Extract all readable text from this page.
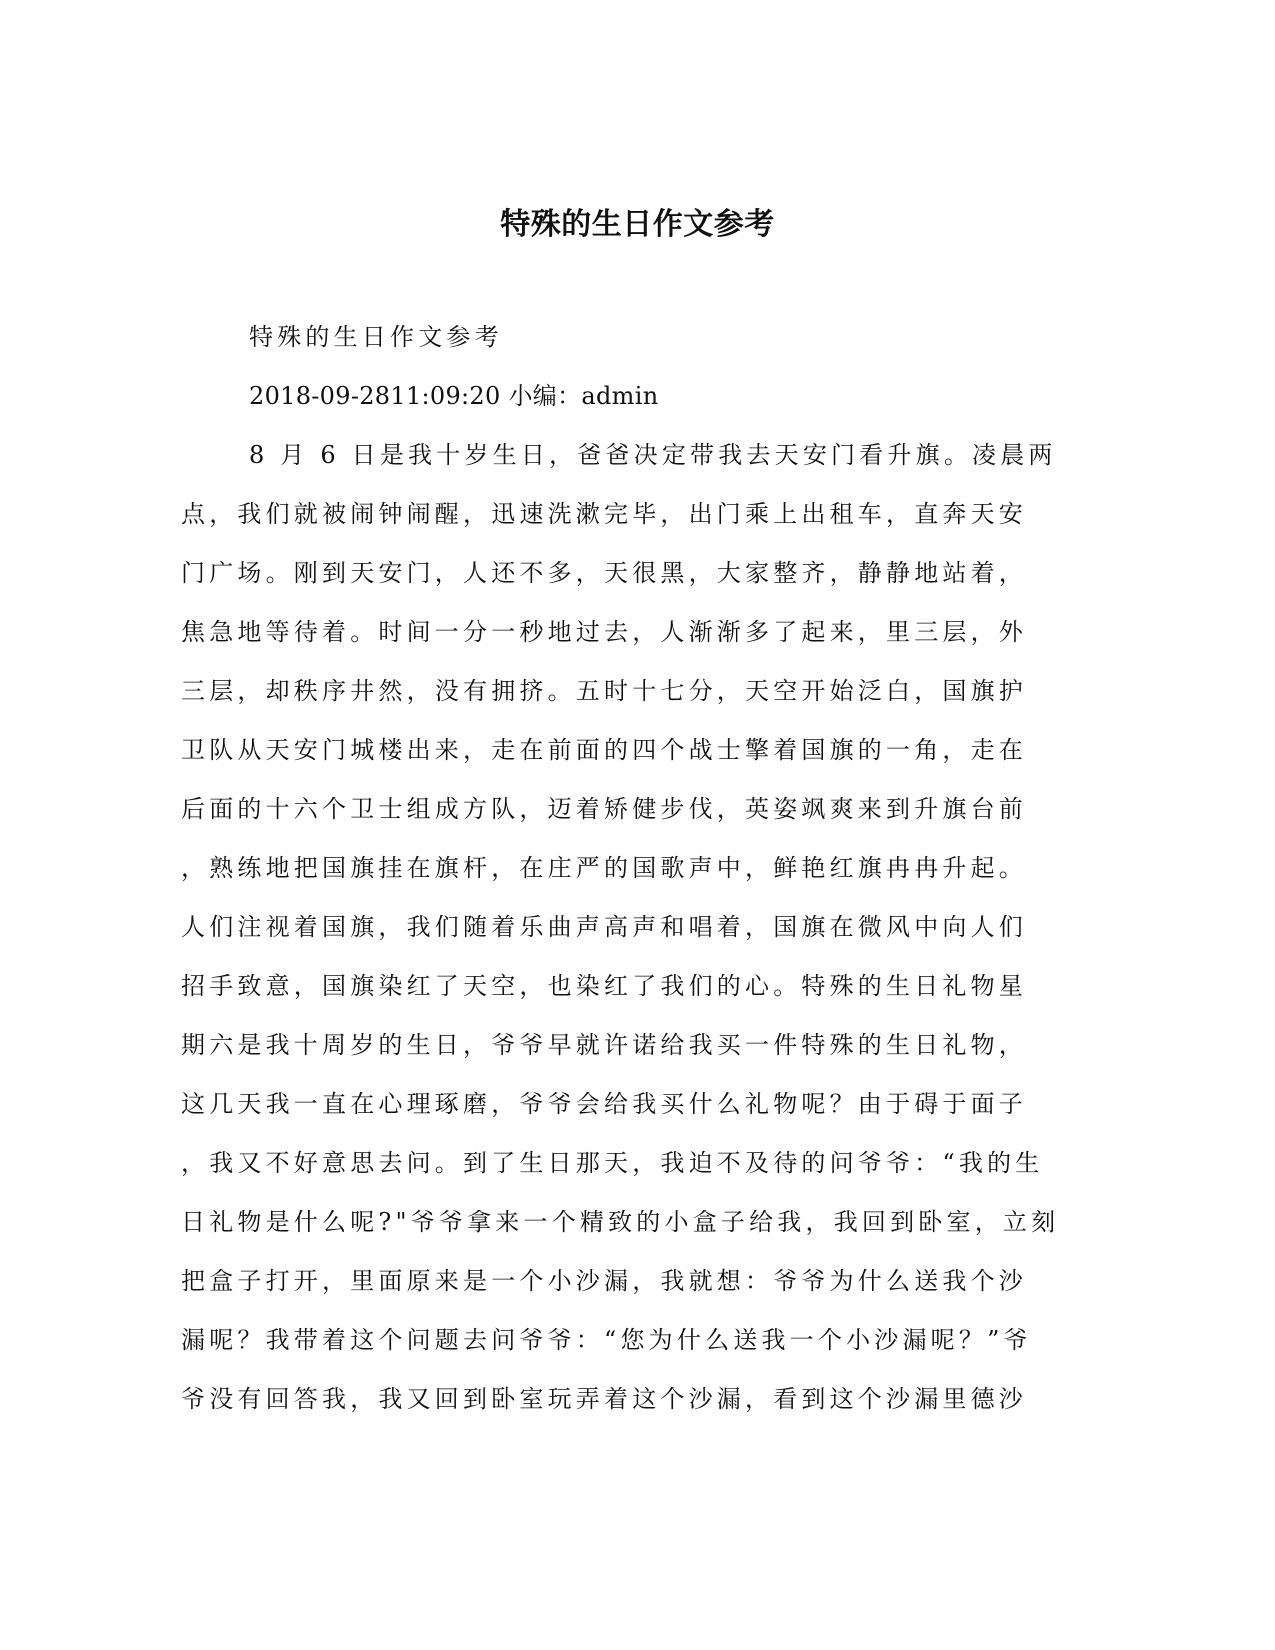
特殊的生日作文参考
特殊的生日作文参考
2018-09-2811:09:20 小编：admin
8 月 6 日是我十岁生日，爸爸决定带我去天安门看升旗。凌晨两
点，我们就被闹钟闹醒，迅速洗漱完毕，出门乘上出租车，直奔天安
门广场。刚到天安门，人还不多，天很黑，大家整齐，静静地站着，
焦急地等待着。时间一分一秒地过去，人渐渐多了起来，里三层，外
三层，却秩序井然，没有拥挤。五时十七分，天空开始泛白，国旗护
卫队从天安门城楼出来，走在前面的四个战士擎着国旗的一角，走在
后面的十六个卫士组成方队，迈着矫健步伐，英姿飒爽来到升旗台前
，熟练地把国旗挂在旗杆，在庄严的国歌声中，鲜艳红旗冉冉升起。
人们注视着国旗，我们随着乐曲声高声和唱着，国旗在微风中向人们
招手致意，国旗染红了天空，也染红了我们的心。特殊的生日礼物星
期六是我十周岁的生日，爷爷早就许诺给我买一件特殊的生日礼物，
这几天我一直在心理琢磨，爷爷会给我买什么礼物呢？由于碍于面子
，我又不好意思去问。到了生日那天，我迫不及待的问爷爷：“我的生
日礼物是什么呢?"爷爷拿来一个精致的小盒子给我，我回到卧室，立刻
把盒子打开，里面原来是一个小沙漏，我就想：爷爷为什么送我个沙
漏呢？我带着这个问题去问爷爷：“您为什么送我一个小沙漏呢？”爷
爷没有回答我，我又回到卧室玩弄着这个沙漏，看到这个沙漏里德沙
